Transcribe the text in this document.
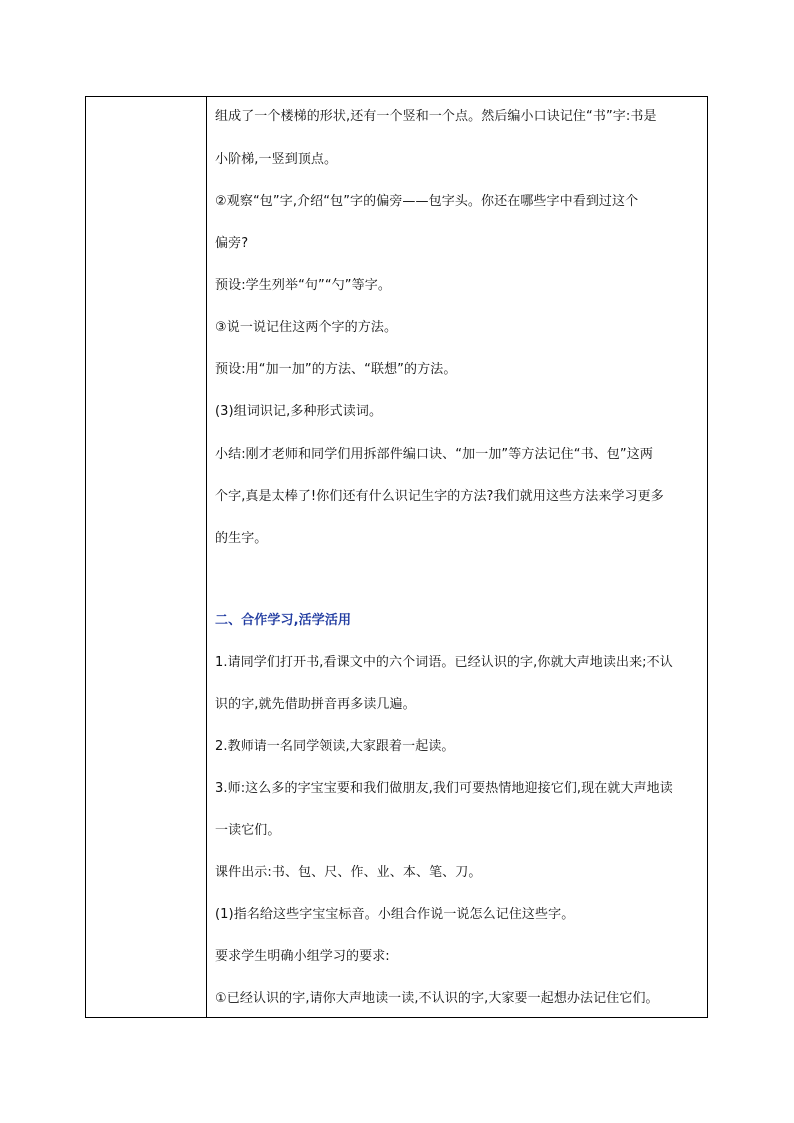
组成了一个楼梯的形状,还有一个竖和一个点。然后编小口诀记住“书”字:书是
小阶梯,一竖到顶点。
②观察“包”字,介绍“包”字的偏旁——包字头。你还在哪些字中看到过这个
偏旁?
预设:学生列举“句”“勺”等字。
③说一说记住这两个字的方法。
预设:用“加一加”的方法、“联想”的方法。
(3)组词识记,多种形式读词。
小结:刚才老师和同学们用拆部件编口诀、“加一加”等方法记住“书、包”这两
个字,真是太棒了!你们还有什么识记生字的方法?我们就用这些方法来学习更多
的生字。
二、合作学习,活学活用
1.请同学们打开书,看课文中的六个词语。已经认识的字,你就大声地读出来;不认
识的字,就先借助拼音再多读几遍。
2.教师请一名同学领读,大家跟着一起读。
3.师:这么多的字宝宝要和我们做朋友,我们可要热情地迎接它们,现在就大声地读
一读它们。
课件出示:书、包、尺、作、业、本、笔、刀。
(1)指名给这些字宝宝标音。小组合作说一说怎么记住这些字。
要求学生明确小组学习的要求:
①已经认识的字,请你大声地读一读,不认识的字,大家要一起想办法记住它们。
